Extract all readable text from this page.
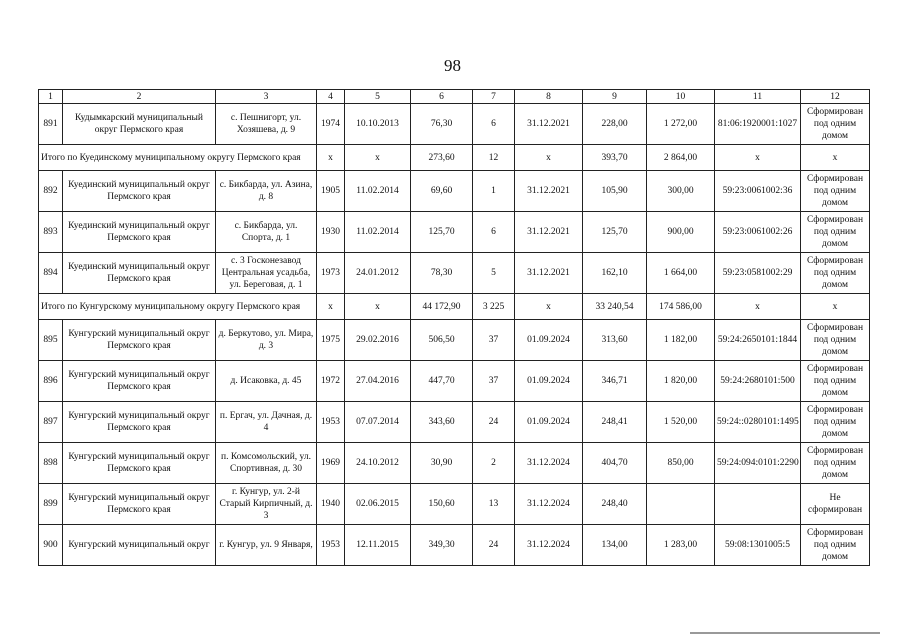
98
1	2	3	4	5	6	7	8	9	10	11	12
891	Кудымкарский муниципальный округ Пермского края	с. Пешнигорт, ул. Хозяшева, д. 9	1974	10.10.2013	76,30	6	31.12.2021	228,00	1 272,00	81:06:1920001:1027	Сформирован под одним домом
Итого по Куединскому муниципальному округу Пермского края			х	х	273,60	12	х	393,70	2 864,00	х	х
892	Куединский муниципальный округ Пермского края	с. Бикбарда, ул. Азина, д. 8	1905	11.02.2014	69,60	1	31.12.2021	105,90	300,00	59:23:0061002:36	Сформирован под одним домом
893	Куединский муниципальный округ Пермского края	с. Бикбарда, ул. Спорта, д. 1	1930	11.02.2014	125,70	6	31.12.2021	125,70	900,00	59:23:0061002:26	Сформирован под одним домом
894	Куединский муниципальный округ Пермского края	с. 3 Госконезавод Центральная усадьба, ул. Береговая, д. 1	1973	24.01.2012	78,30	5	31.12.2021	162,10	1 664,00	59:23:0581002:29	Сформирован под одним домом
Итого по Кунгурскому муниципальному округу Пермского края			х	х	44 172,90	3 225	х	33 240,54	174 586,00	х	х
895	Кунгурский муниципальный округ Пермского края	д. Беркутово, ул. Мира, д. 3	1975	29.02.2016	506,50	37	01.09.2024	313,60	1 182,00	59:24:2650101:1844	Сформирован под одним домом
896	Кунгурский муниципальный округ Пермского края	д. Исаковка, д. 45	1972	27.04.2016	447,70	37	01.09.2024	346,71	1 820,00	59:24:2680101:500	Сформирован под одним домом
897	Кунгурский муниципальный округ Пермского края	п. Ергач, ул. Дачная, д. 4	1953	07.07.2014	343,60	24	01.09.2024	248,41	1 520,00	59:24::0280101:1495	Сформирован под одним домом
898	Кунгурский муниципальный округ Пермского края	п. Комсомольский, ул. Спортивная, д. 30	1969	24.10.2012	30,90	2	31.12.2024	404,70	850,00	59:24:094:0101:2290	Сформирован под одним домом
899	Кунгурский муниципальный округ Пермского края	г. Кунгур, ул. 2-й Старый Кирпичный, д. 3	1940	02.06.2015	150,60	13	31.12.2024	248,40			Не сформирован
900	Кунгурский муниципальный округ	г. Кунгур, ул. 9 Января,	1953	12.11.2015	349,30	24	31.12.2024	134,00	1 283,00	59:08:1301005:5	Сформирован под одним домом
